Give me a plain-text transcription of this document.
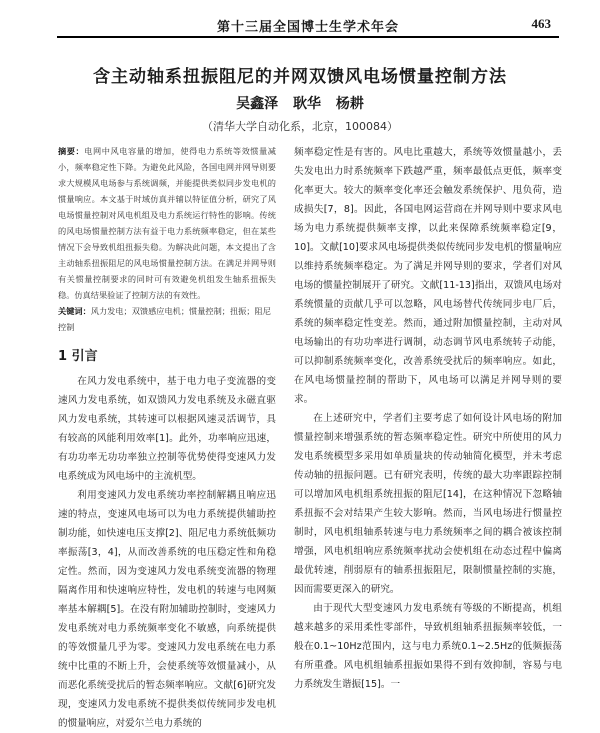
第十三届全国博士生学术年会	463
含主动轴系扭振阻尼的并网双馈风电场惯量控制方法
吴鑫泽 耿华 杨耕
（清华大学自动化系，北京，100084）

摘要：电网中风电容量的增加，使得电力系统等效惯量减小，频率稳定性下降。为避免此风险，各国电网并网导则要求大规模风电场参与系统调频，并能提供类似同步发电机的惯量响应。本文基于时域仿真并辅以特征值分析，研究了风电场惯量控制对风电机组及电力系统运行特性的影响。传统的风电场惯量控制方法有益于电力系统频率稳定，但在某些情况下会导致机组扭振失稳。为解决此问题，本文提出了含主动轴系扭振阻尼的风电场惯量控制方法。在满足并网导则有关惯量控制要求的同时可有效避免机组发生轴系扭振失稳。仿真结果验证了控制方法的有效性。

关键词：风力发电；双馈感应电机；惯量控制；扭振；阻尼控制

1 引言

在风力发电系统中，基于电力电子变流器的变速风力发电系统，如双馈风力发电系统及永磁直驱风力发电系统，其转速可以根据风速灵活调节，具有较高的风能利用效率[1]。此外，功率响应迅速，有功功率无功功率独立控制等优势使得变速风力发电系统成为风电场中的主流机型。

利用变速风力发电系统功率控制解耦且响应迅速的特点，变速风电场可以为电力系统提供辅助控制功能，如快速电压支撑[2]、阻尼电力系统低频功率振荡[3，4]，从而改善系统的电压稳定性和角稳定性。然而，因为变速风力发电系统变流器的物理隔离作用和快速响应特性，发电机的转速与电网频率基本解耦[5]。在没有附加辅助控制时，变速风力发电系统对电力系统频率变化不敏感，向系统提供的等效惯量几乎为零。变速风力发电系统在电力系统中比重的不断上升，会使系统等效惯量减小，从而恶化系统受扰后的暂态频率响应。文献[6]研究发现，变速风力发电系统不提供类似传统同步发电机的惯量响应，对爱尔兰电力系统的

频率稳定性是有害的。风电比重越大，系统等效惯量越小，丢失发电出力时系统频率下跌越严重，频率最低点更低，频率变化率更大。较大的频率变化率还会触发系统保护、甩负荷，造成损失[7，8]。因此，各国电网运营商在并网导则中要求风电场为电力系统提供频率支撑，以此来保障系统频率稳定[9，10]。文献[10]要求风电场提供类似传统同步发电机的惯量响应以维持系统频率稳定。为了满足并网导则的要求，学者们对风电场的惯量控制展开了研究。文献[11-13]指出，双馈风电场对系统惯量的贡献几乎可以忽略，风电场替代传统同步电厂后，系统的频率稳定性变差。然而，通过附加惯量控制，主动对风电场输出的有功功率进行调制，动态调节风电系统转子动能，可以抑制系统频率变化，改善系统受扰后的频率响应。如此，在风电场惯量控制的帮助下，风电场可以满足并网导则的要求。

在上述研究中，学者们主要考虑了如何设计风电场的附加惯量控制来增强系统的暂态频率稳定性。研究中所使用的风力发电系统模型多采用如单质量块的传动轴简化模型，并未考虑传动轴的扭振问题。已有研究表明，传统的最大功率跟踪控制可以增加风电机组系统扭振的阻尼[14]，在这种情况下忽略轴系扭振不会对结果产生较大影响。然而，当风电场进行惯量控制时，风电机组轴系转速与电力系统频率之间的耦合被该控制增强，风电机组响应系统频率扰动会使机组在动态过程中偏离最优转速，削弱原有的轴系扭振阻尼，限制惯量控制的实施，因而需要更深入的研究。

由于现代大型变速风力发电系统有等级的不断提高，机组越来越多的采用柔性零部件，导致机组轴系扭振频率较低，一般在0.1~10Hz范围内，这与电力系统0.1~2.5Hz的低频振荡有所重叠。风电机组轴系扭振如果得不到有效抑制，容易与电力系统发生谐振[15]。一
